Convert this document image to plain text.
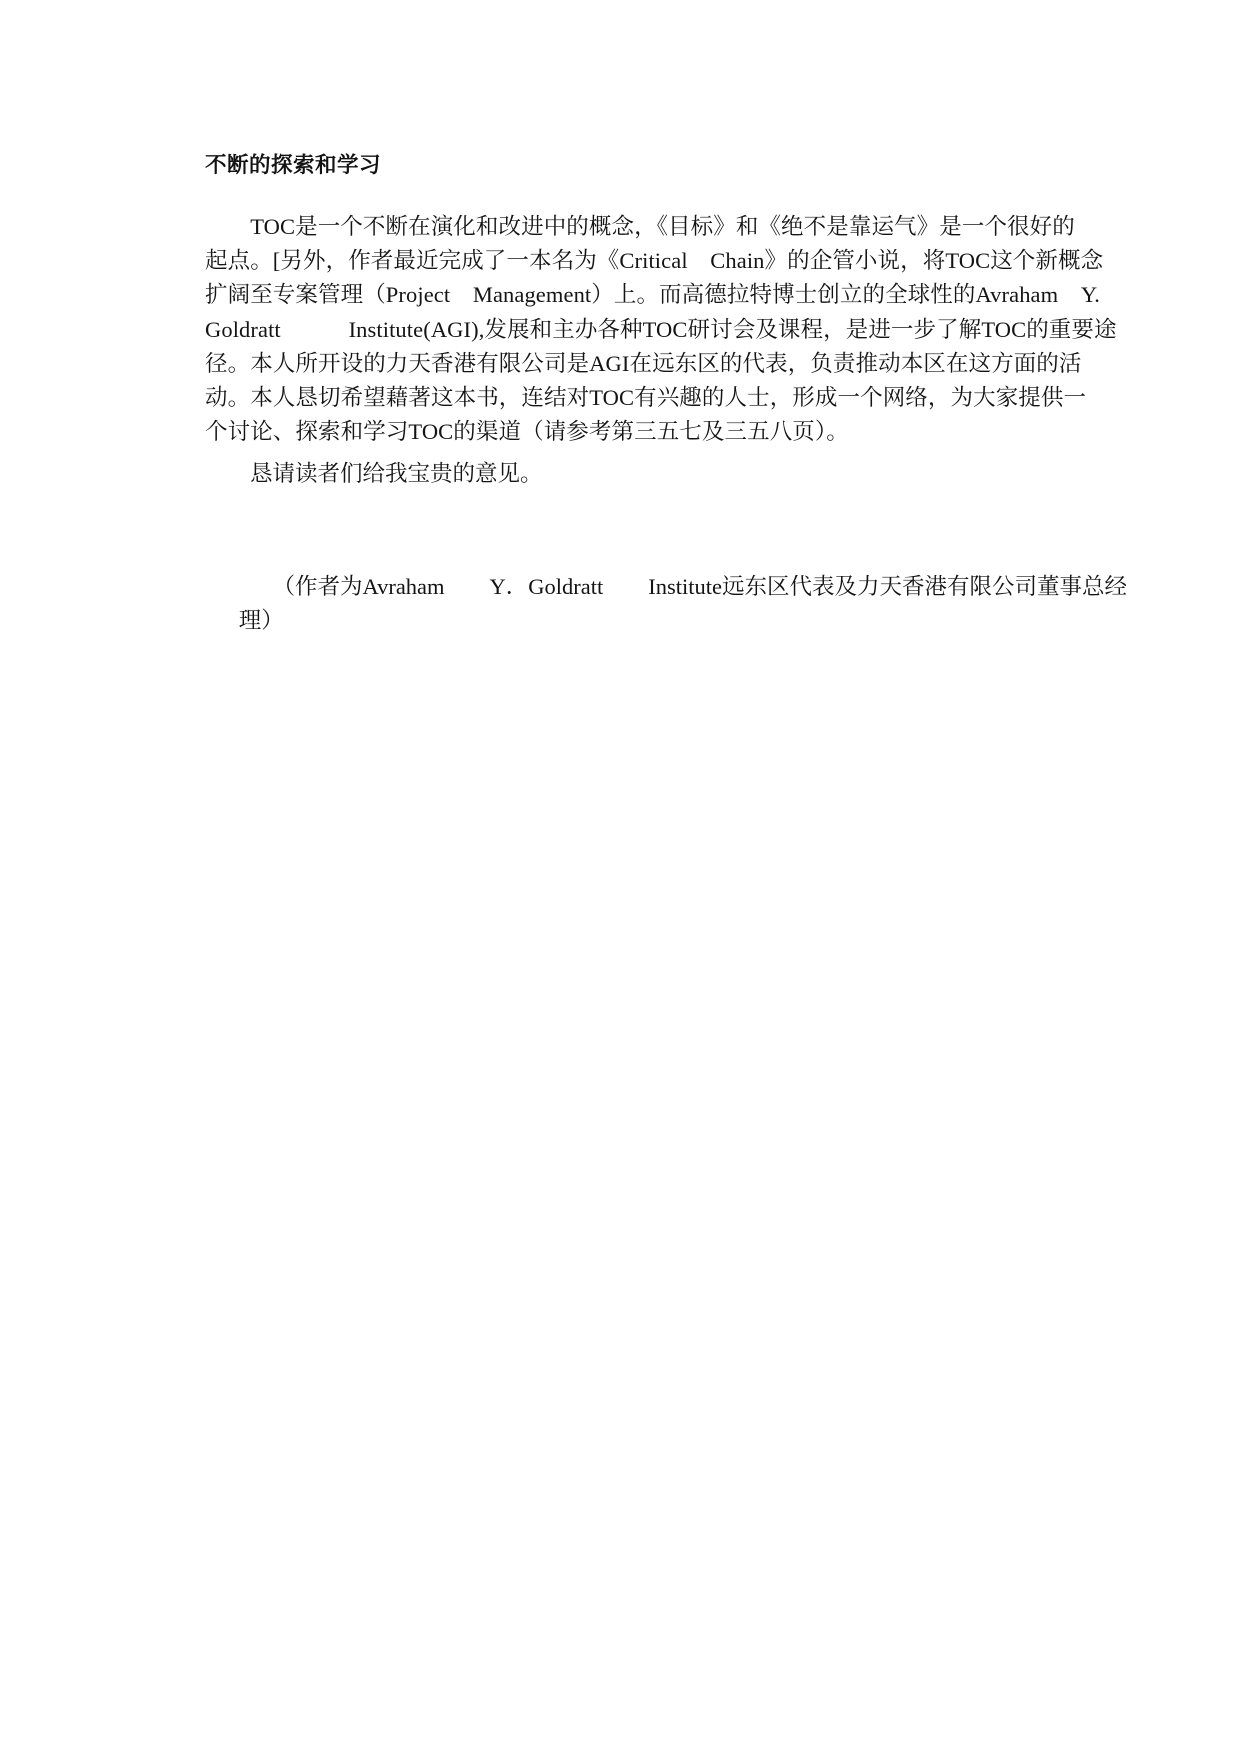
不断的探索和学习

　　TOC是一个不断在演化和改进中的概念，《目标》和《绝不是靠运气》是一个很好的
起点。[另外，作者最近完成了一本名为《Critical　Chain》的企管小说，将TOC这个新概念
扩阔至专案管理（Project　Management）上。而高德拉特博士创立的全球性的Avraham　Y.
Goldratt　　　Institute(AGI),发展和主办各种TOC研讨会及课程，是进一步了解TOC的重要途
径。本人所开设的力天香港有限公司是AGI在远东区的代表，负责推动本区在这方面的活
动。本人恳切希望藉著这本书，连结对TOC有兴趣的人士，形成一个网络，为大家提供一
个讨论、探索和学习TOC的渠道（请参考第三五七及三五八页）。

　　恳请读者们给我宝贵的意见。

　　（作者为Avraham　　Y．Goldratt　　Institute远东区代表及力天香港有限公司董事总经
理）
